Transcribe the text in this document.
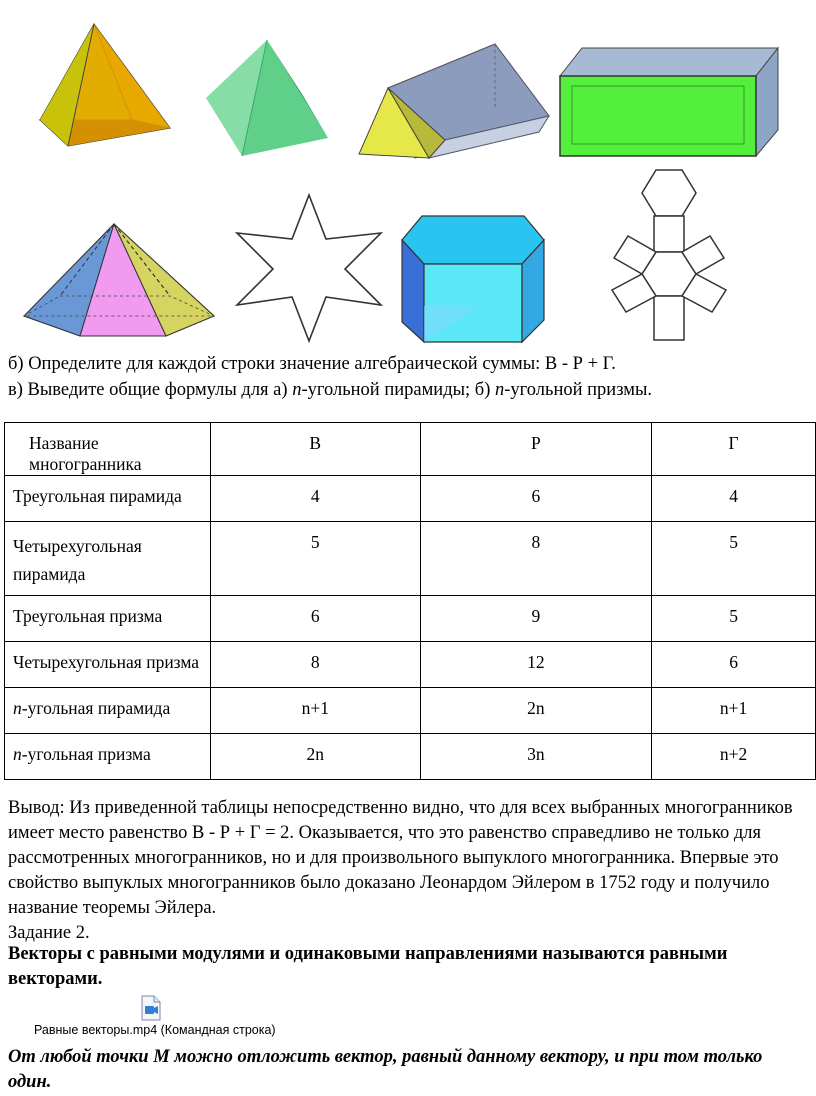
б) Определите для каждой строки значение алгебраической суммы: В - Р + Г.

в) Выведите общие формулы для а) n-угольной пирамиды; б) n-угольной призмы.

Название многогранника	В	Р	Г
Треугольная пирамида	4	6	4
Четырехугольная пирамида	5	8	5
Треугольная призма	6	9	5
Четырехугольная призма	8	12	6
n-угольная пирамида	n+1	2n	n+1
n-угольная призма	2n	3n	n+2
Вывод: Из приведенной таблицы непосредственно видно, что для всех выбранных многогранников имеет место равенство В - Р + Г = 2. Оказывается, что это равенство справедливо не только для рассмотренных многогранников, но и для произвольного выпуклого многогранника. Впервые это свойство выпуклых многогранников было доказано Леонардом Эйлером в 1752 году и получило название теоремы Эйлера.
Задание 2.

Векторы с равными модулями и одинаковыми направлениями называются равными векторами.

Равные векторы.mp4 (Командная строка)

От любой точки М можно отложить вектор, равный данному вектору, и при том только один.
